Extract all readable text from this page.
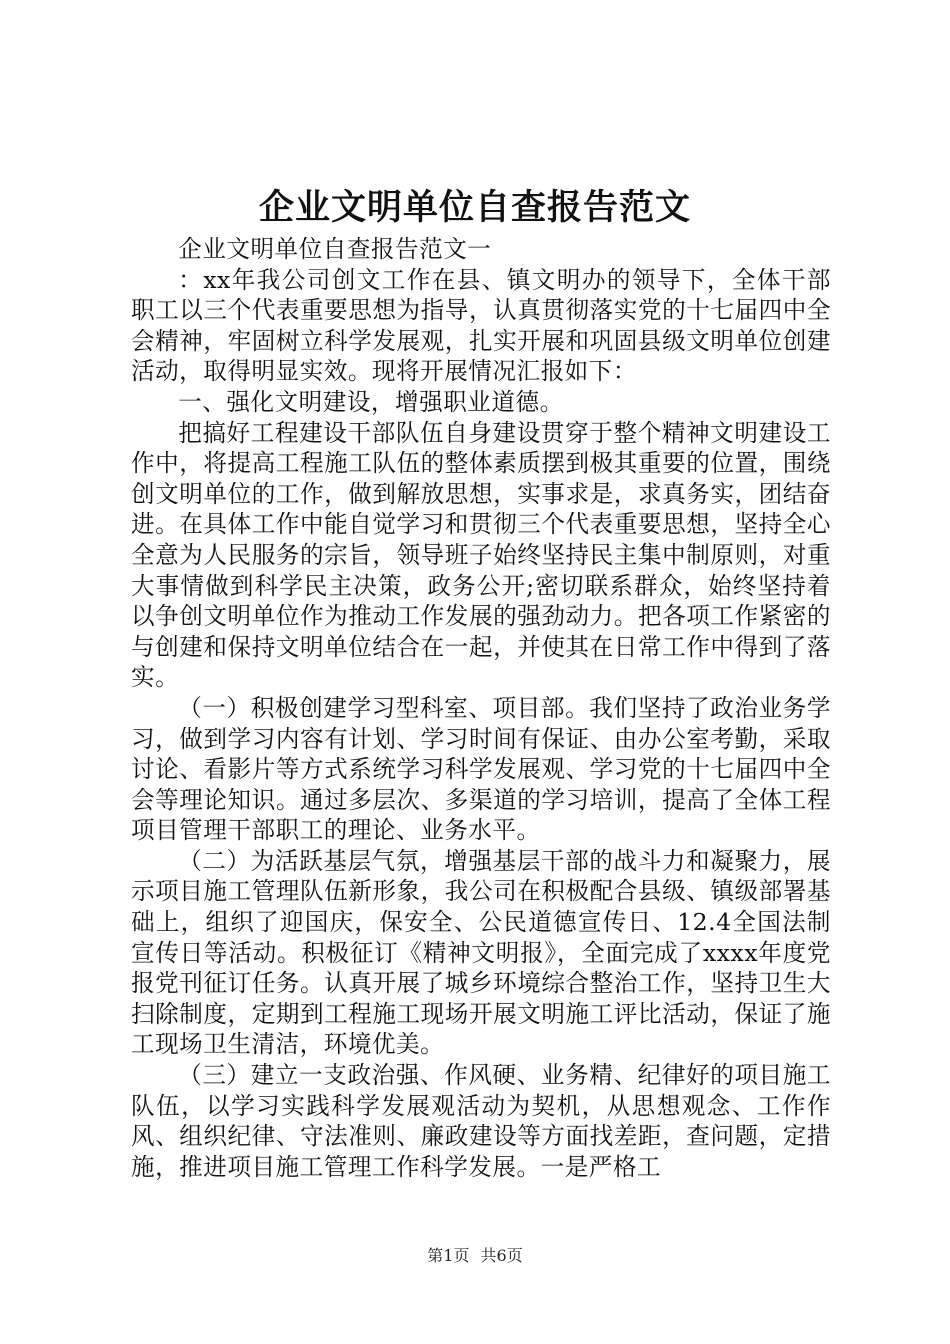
企业文明单位自查报告范文

企业文明单位自查报告范文一

：xx年我公司创文工作在县、镇文明办的领导下，全体干部职工以三个代表重要思想为指导，认真贯彻落实党的十七届四中全会精神，牢固树立科学发展观，扎实开展和巩固县级文明单位创建活动，取得明显实效。现将开展情况汇报如下：

一、强化文明建设，增强职业道德。

把搞好工程建设干部队伍自身建设贯穿于整个精神文明建设工作中，将提高工程施工队伍的整体素质摆到极其重要的位置，围绕创文明单位的工作，做到解放思想，实事求是，求真务实，团结奋进。在具体工作中能自觉学习和贯彻三个代表重要思想，坚持全心全意为人民服务的宗旨，领导班子始终坚持民主集中制原则，对重大事情做到科学民主决策，政务公开;密切联系群众，始终坚持着以争创文明单位作为推动工作发展的强劲动力。把各项工作紧密的与创建和保持文明单位结合在一起，并使其在日常工作中得到了落实。

（一）积极创建学习型科室、项目部。我们坚持了政治业务学习，做到学习内容有计划、学习时间有保证、由办公室考勤，采取讨论、看影片等方式系统学习科学发展观、学习党的十七届四中全会等理论知识。通过多层次、多渠道的学习培训，提高了全体工程项目管理干部职工的理论、业务水平。

（二）为活跃基层气氛，增强基层干部的战斗力和凝聚力，展示项目施工管理队伍新形象，我公司在积极配合县级、镇级部署基础上，组织了迎国庆，保安全、公民道德宣传日、12.4全国法制宣传日等活动。积极征订《精神文明报》，全面完成了xxxx年度党报党刊征订任务。认真开展了城乡环境综合整治工作，坚持卫生大扫除制度，定期到工程施工现场开展文明施工评比活动，保证了施工现场卫生清洁，环境优美。

（三）建立一支政治强、作风硬、业务精、纪律好的项目施工队伍，以学习实践科学发展观活动为契机，从思想观念、工作作风、组织纪律、守法准则、廉政建设等方面找差距，查问题，定措施，推进项目施工管理工作科学发展。一是严格工

第1页 共6页
